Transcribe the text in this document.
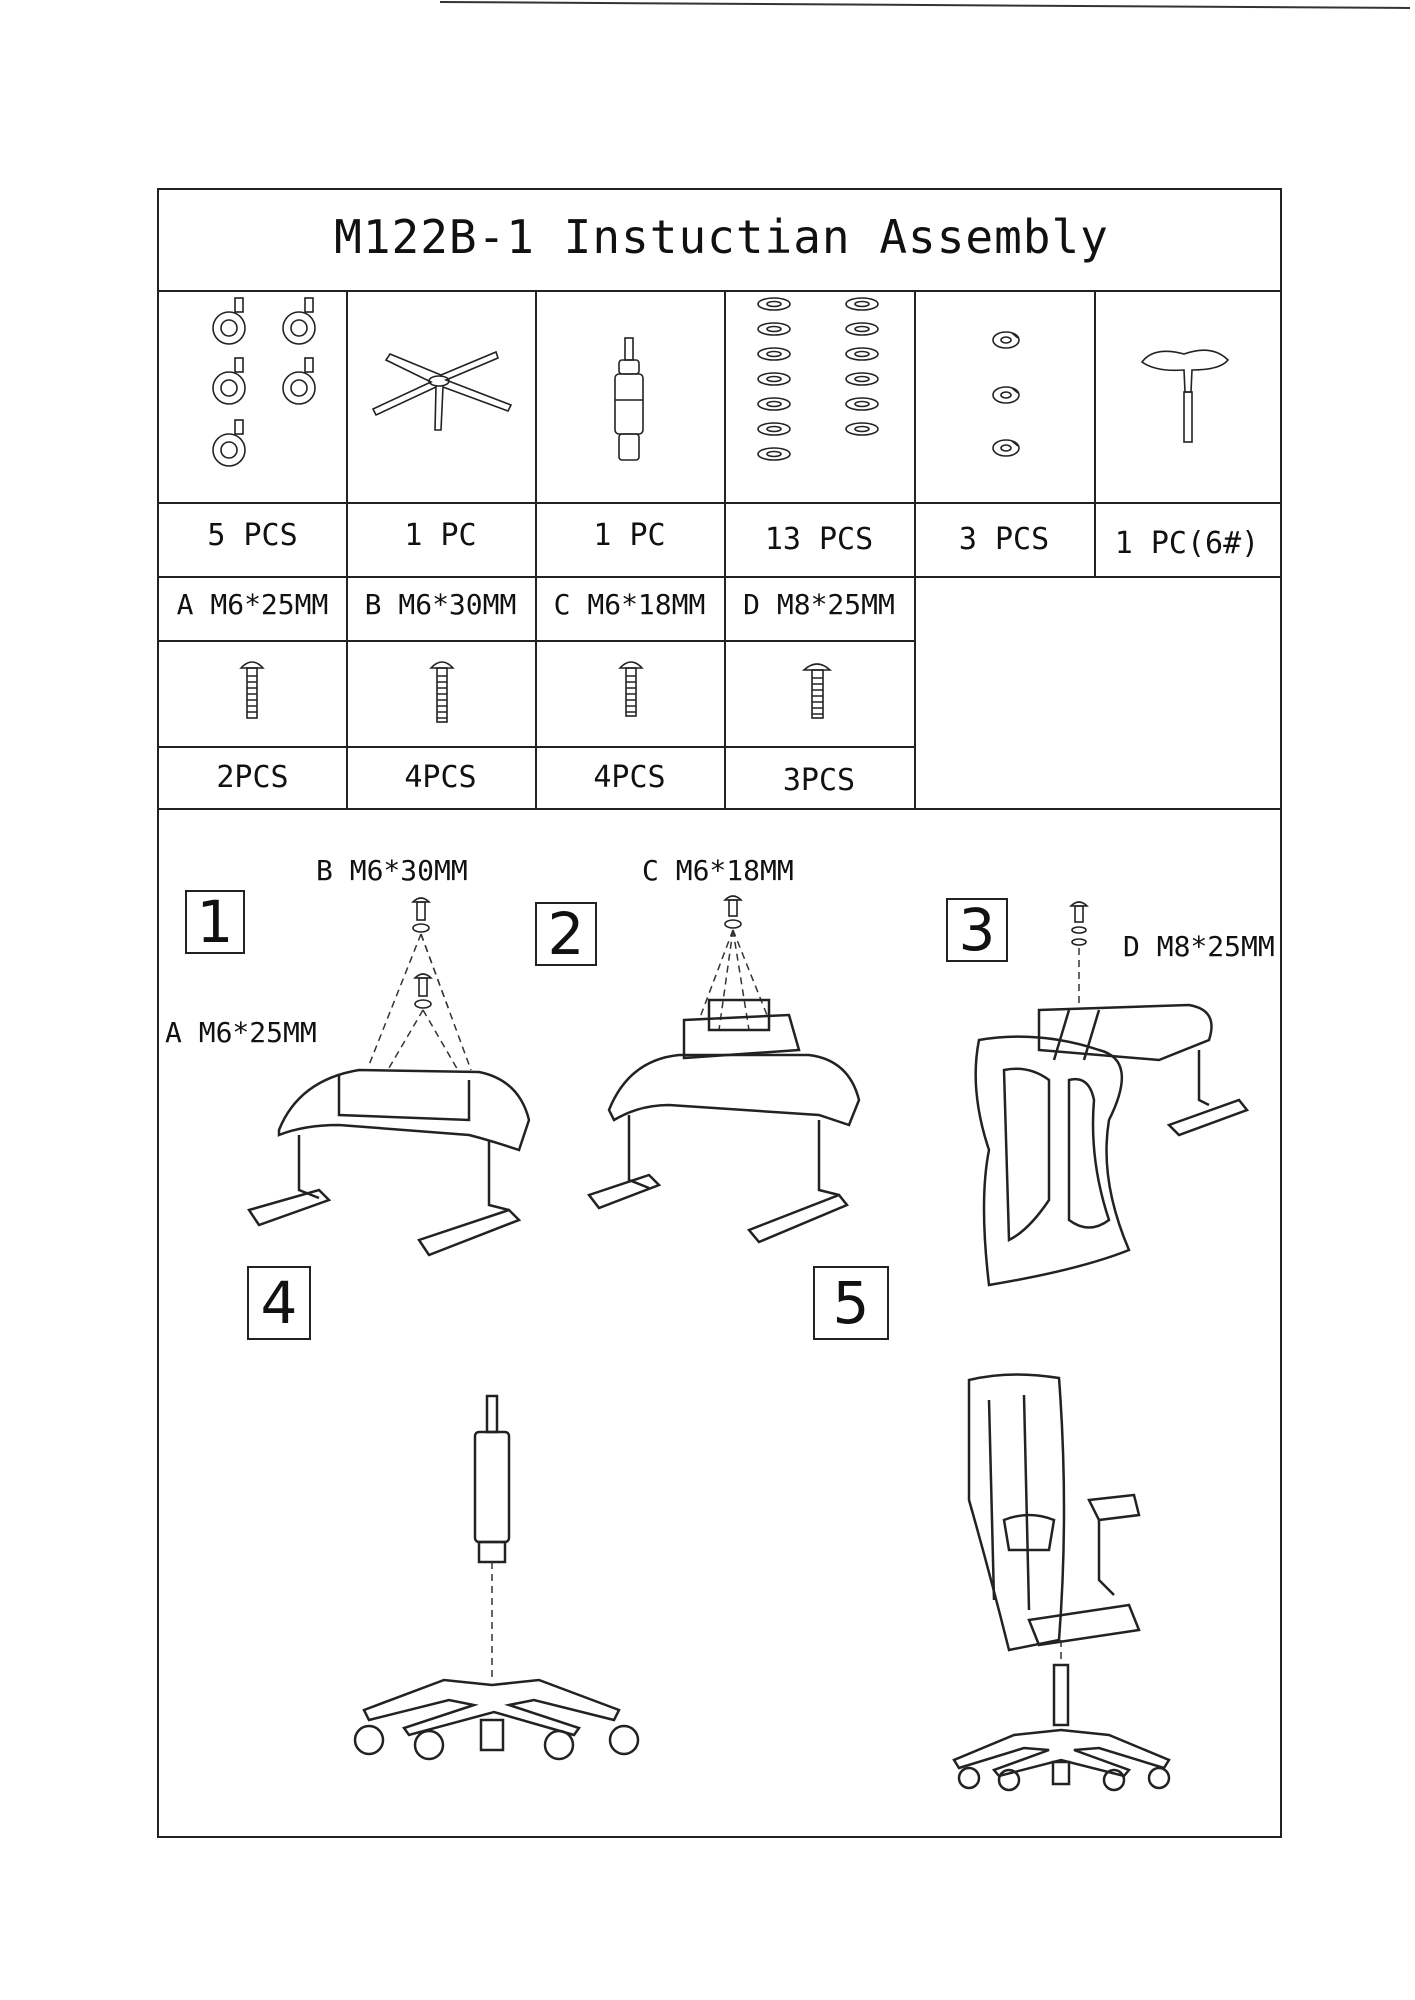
M122B-1 Instuctian Assembly
5 PCS	1 PC	1 PC	13 PCS	3 PCS	1 PC(6#)
A M6*25MM	B M6*30MM	C M6*18MM	D M8*25MM
2PCS	4PCS	4PCS	3PCS
1
B M6*30MM
A M6*25MM
2
C M6*18MM
3	D M8*25MM
4	5
